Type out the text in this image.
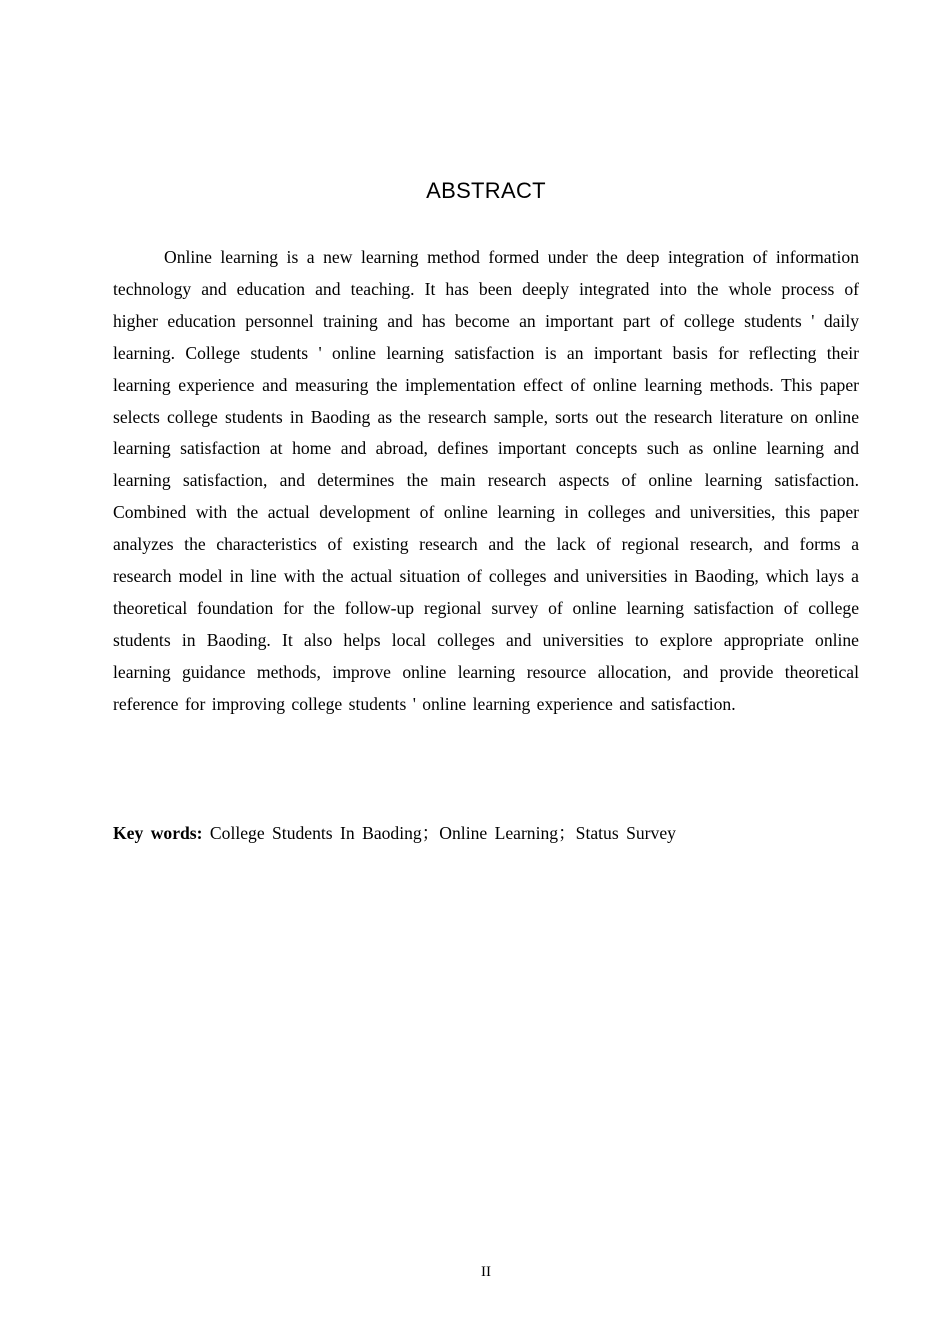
ABSTRACT

Online learning is a new learning method formed under the deep integration of information technology and education and teaching. It has been deeply integrated into the whole process of higher education personnel training and has become an important part of college students ' daily learning. College students ' online learning satisfaction is an important basis for reflecting their learning experience and measuring the implementation effect of online learning methods. This paper selects college students in Baoding as the research sample, sorts out the research literature on online learning satisfaction at home and abroad, defines important concepts such as online learning and learning satisfaction, and determines the main research aspects of online learning satisfaction. Combined with the actual development of online learning in colleges and universities, this paper analyzes the characteristics of existing research and the lack of regional research, and forms a research model in line with the actual situation of colleges and universities in Baoding, which lays a theoretical foundation for the follow-up regional survey of online learning satisfaction of college students in Baoding. It also helps local colleges and universities to explore appropriate online learning guidance methods, improve online learning resource allocation, and provide theoretical reference for improving college students ' online learning experience and satisfaction.

Key words: College Students In Baoding；Online Learning；Status Survey

II
